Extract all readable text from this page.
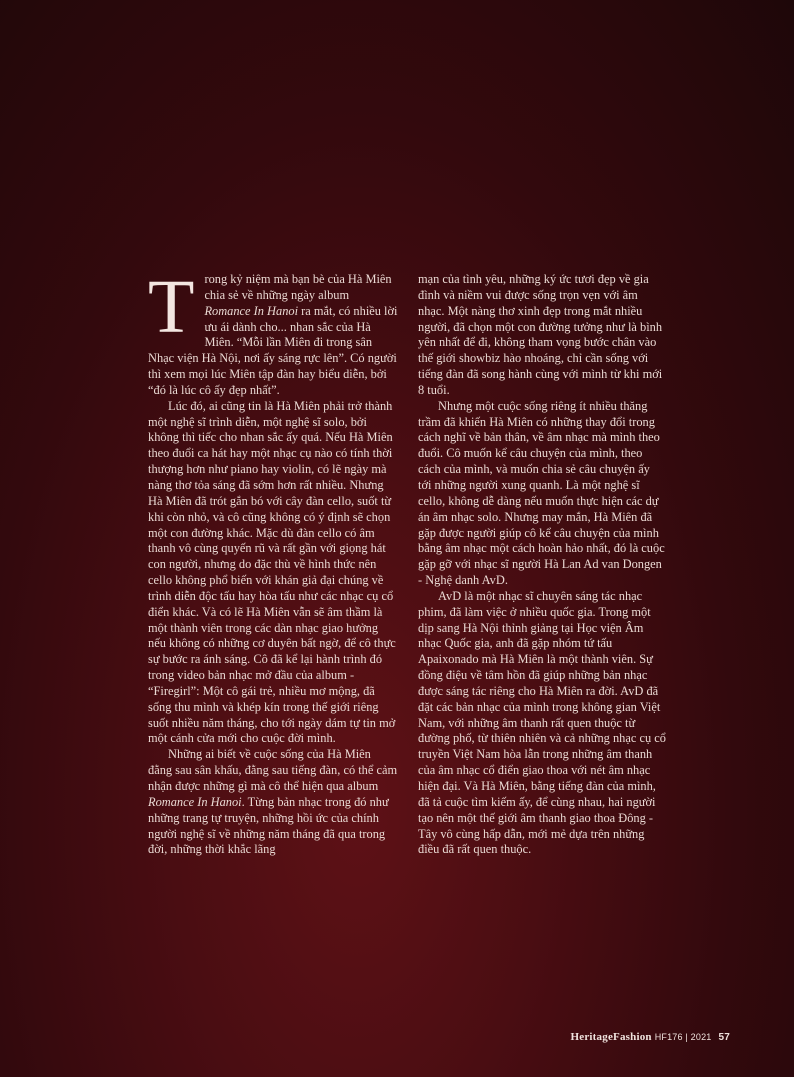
Trong kỷ niệm mà bạn bè của Hà Miên chia sẻ về những ngày album Romance In Hanoi ra mắt, có nhiều lời ưu ái dành cho... nhan sắc của Hà Miên. “Mỗi lần Miên đi trong sân Nhạc viện Hà Nội, nơi ấy sáng rực lên”. Có người thì xem mọi lúc Miên tập đàn hay biểu diễn, bởi “đó là lúc cô ấy đẹp nhất”.

Lúc đó, ai cũng tin là Hà Miên phải trở thành một nghệ sĩ trình diễn, một nghệ sĩ solo, bởi không thì tiếc cho nhan sắc ấy quá. Nếu Hà Miên theo đuổi ca hát hay một nhạc cụ nào có tính thời thượng hơn như piano hay violin, có lẽ ngày mà nàng thơ tỏa sáng đã sớm hơn rất nhiều. Nhưng Hà Miên đã trót gắn bó với cây đàn cello, suốt từ khi còn nhỏ, và cô cũng không có ý định sẽ chọn một con đường khác. Mặc dù đàn cello có âm thanh vô cùng quyến rũ và rất gần với giọng hát con người, nhưng do đặc thù về hình thức nên cello không phổ biến với khán giả đại chúng về trình diễn độc tấu hay hòa tấu như các nhạc cụ cổ điển khác. Và có lẽ Hà Miên vẫn sẽ âm thầm là một thành viên trong các dàn nhạc giao hưởng nếu không có những cơ duyên bất ngờ, để cô thực sự bước ra ánh sáng. Cô đã kể lại hành trình đó trong video bản nhạc mở đầu của album - “Firegirl”: Một cô gái trẻ, nhiều mơ mộng, đã sống thu mình và khép kín trong thế giới riêng suốt nhiều năm tháng, cho tới ngày dám tự tin mở một cánh cửa mới cho cuộc đời mình.

Những ai biết về cuộc sống của Hà Miên đằng sau sân khấu, đằng sau tiếng đàn, có thể cảm nhận được những gì mà cô thể hiện qua album Romance In Hanoi. Từng bản nhạc trong đó như những trang tự truyện, những hồi ức của chính người nghệ sĩ về những năm tháng đã qua trong đời, những thời khắc lãng

mạn của tình yêu, những ký ức tươi đẹp về gia đình và niềm vui được sống trọn vẹn với âm nhạc. Một nàng thơ xinh đẹp trong mắt nhiều người, đã chọn một con đường tưởng như là bình yên nhất để đi, không tham vọng bước chân vào thế giới showbiz hào nhoáng, chỉ cần sống với tiếng đàn đã song hành cùng với mình từ khi mới 8 tuổi.

Nhưng một cuộc sống riêng ít nhiều thăng trầm đã khiến Hà Miên có những thay đổi trong cách nghĩ về bản thân, về âm nhạc mà mình theo đuổi. Cô muốn kể câu chuyện của mình, theo cách của mình, và muốn chia sẻ câu chuyện ấy tới những người xung quanh. Là một nghệ sĩ cello, không dễ dàng nếu muốn thực hiện các dự án âm nhạc solo. Nhưng may mắn, Hà Miên đã gặp được người giúp cô kể câu chuyện của mình bằng âm nhạc một cách hoàn hảo nhất, đó là cuộc gặp gỡ với nhạc sĩ người Hà Lan Ad van Dongen - Nghệ danh AvD.

AvD là một nhạc sĩ chuyên sáng tác nhạc phim, đã làm việc ở nhiều quốc gia. Trong một dịp sang Hà Nội thỉnh giảng tại Học viện Âm nhạc Quốc gia, anh đã gặp nhóm tứ tấu Apaixonado mà Hà Miên là một thành viên. Sự đồng điệu về tâm hồn đã giúp những bản nhạc được sáng tác riêng cho Hà Miên ra đời. AvD đã đặt các bản nhạc của mình trong không gian Việt Nam, với những âm thanh rất quen thuộc từ đường phố, từ thiên nhiên và cả những nhạc cụ cổ truyền Việt Nam hòa lẫn trong những âm thanh của âm nhạc cổ điển giao thoa với nét âm nhạc hiện đại. Và Hà Miên, bằng tiếng đàn của mình, đã tả cuộc tìm kiếm ấy, để cùng nhau, hai người tạo nên một thế giới âm thanh giao thoa Đông - Tây vô cùng hấp dẫn, mới mẻ dựa trên những điều đã rất quen thuộc.

HeritageFashion HF176 | 2021 57
